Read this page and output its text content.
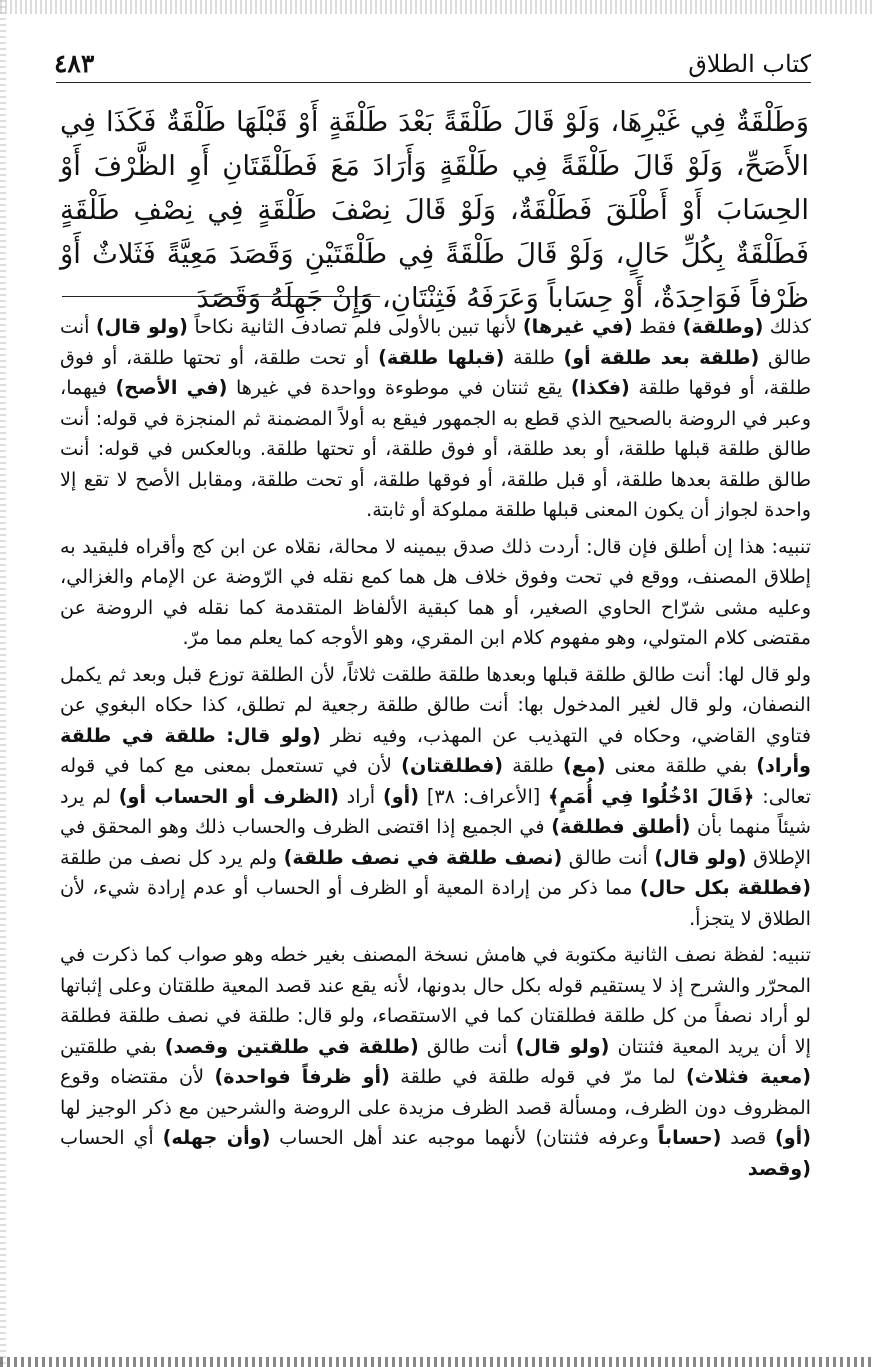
كتاب الطلاق
٤٨٣

وَطَلْقَةٌ فِي غَيْرِهَا، وَلَوْ قَالَ طَلْقَةً بَعْدَ طَلْقَةٍ أَوْ قَبْلَهَا طَلْقَةٌ فَكَذَا فِي الأَصَحِّ، وَلَوْ قَالَ طَلْقَةً فِي طَلْقَةٍ وَأَرَادَ مَعَ فَطَلْقَتَانِ أَوِ الظَّرْفَ أَوْ الحِسَابَ أَوْ أَطْلَقَ فَطَلْقَةٌ، وَلَوْ قَالَ نِصْفَ طَلْقَةٍ فِي نِصْفِ طَلْقَةٍ فَطَلْقَةٌ بِكُلِّ حَالٍ، وَلَوْ قَالَ طَلْقَةً فِي طَلْقَتَيْنِ وَقَصَدَ مَعِيَّةً فَثَلاثٌ أَوْ ظَرْفاً فَوَاحِدَةٌ، أَوْ حِسَاباً وَعَرَفَهُ فَثِنْتَانِ، وَإِنْ جَهِلَهُ وَقَصَدَ

كذلك (وطلقة) فقط (في غيرها) لأنها تبين بالأولى فلم تصادف الثانية نكاحاً (ولو قال) أنت طالق (طلقة بعد طلقة أو) طلقة (قبلها طلقة) أو تحت طلقة، أو تحتها طلقة، أو فوق طلقة، أو فوقها طلقة (فكذا) يقع ثنتان في موطوءة وواحدة في غيرها (في الأصح) فيهما، وعبر في الروضة بالصحيح الذي قطع به الجمهور فيقع به أولاً المضمنة ثم المنجزة في قوله: أنت طالق طلقة قبلها طلقة، أو بعد طلقة، أو فوق طلقة، أو تحتها طلقة. وبالعكس في قوله: أنت طالق طلقة بعدها طلقة، أو قبل طلقة، أو فوقها طلقة، أو تحت طلقة، ومقابل الأصح لا تقع إلا واحدة لجواز أن يكون المعنى قبلها طلقة مملوكة أو ثابتة.

تنبيه: هذا إن أطلق فإن قال: أردت ذلك صدق بيمينه لا محالة، نقلاه عن ابن كج وأقراه فليقيد به إطلاق المصنف، ووقع في تحت وفوق خلاف هل هما كمع نقله في الرّوضة عن الإمام والغزالي، وعليه مشى شرّاح الحاوي الصغير، أو هما كبقية الألفاظ المتقدمة كما نقله في الروضة عن مقتضى كلام المتولي، وهو مفهوم كلام ابن المقري، وهو الأوجه كما يعلم مما مرّ.

ولو قال لها: أنت طالق طلقة قبلها وبعدها طلقة طلقت ثلاثاً، لأن الطلقة توزع قبل وبعد ثم يكمل النصفان، ولو قال لغير المدخول بها: أنت طالق طلقة رجعية لم تطلق، كذا حكاه البغوي عن فتاوي القاضي، وحكاه في التهذيب عن المهذب، وفيه نظر (ولو قال: طلقة في طلقة وأراد) بفي طلقة معنى (مع) طلقة (فطلقتان) لأن في تستعمل بمعنى مع كما في قوله تعالى: ﴿قَالَ ادْخُلُوا فِي أُمَمٍ﴾ [الأعراف: ٣٨] (أو) أراد (الظرف أو الحساب أو) لم يرد شيئاً منهما بأن (أطلق فطلقة) في الجميع إذا اقتضى الظرف والحساب ذلك وهو المحقق في الإطلاق (ولو قال) أنت طالق (نصف طلقة في نصف طلقة) ولم يرد كل نصف من طلقة (فطلقة بكل حال) مما ذكر من إرادة المعية أو الظرف أو الحساب أو عدم إرادة شيء، لأن الطلاق لا يتجزأ.

تنبيه: لفظة نصف الثانية مكتوبة في هامش نسخة المصنف بغير خطه وهو صواب كما ذكرت في المحرّر والشرح إذ لا يستقيم قوله بكل حال بدونها، لأنه يقع عند قصد المعية طلقتان وعلى إثباتها لو أراد نصفاً من كل طلقة فطلقتان كما في الاستقصاء، ولو قال: طلقة في نصف طلقة فطلقة إلا أن يريد المعية فثنتان (ولو قال) أنت طالق (طلقة في طلقتين وقصد) بفي طلقتين (معية فثلاث) لما مرّ في قوله طلقة في طلقة (أو ظرفاً فواحدة) لأن مقتضاه وقوع المظروف دون الظرف، ومسألة قصد الظرف مزيدة على الروضة والشرحين مع ذكر الوجيز لها (أو) قصد (حساباً وعرفه فثنتان) لأنهما موجبه عند أهل الحساب (وأن جهله) أي الحساب (وقصد
